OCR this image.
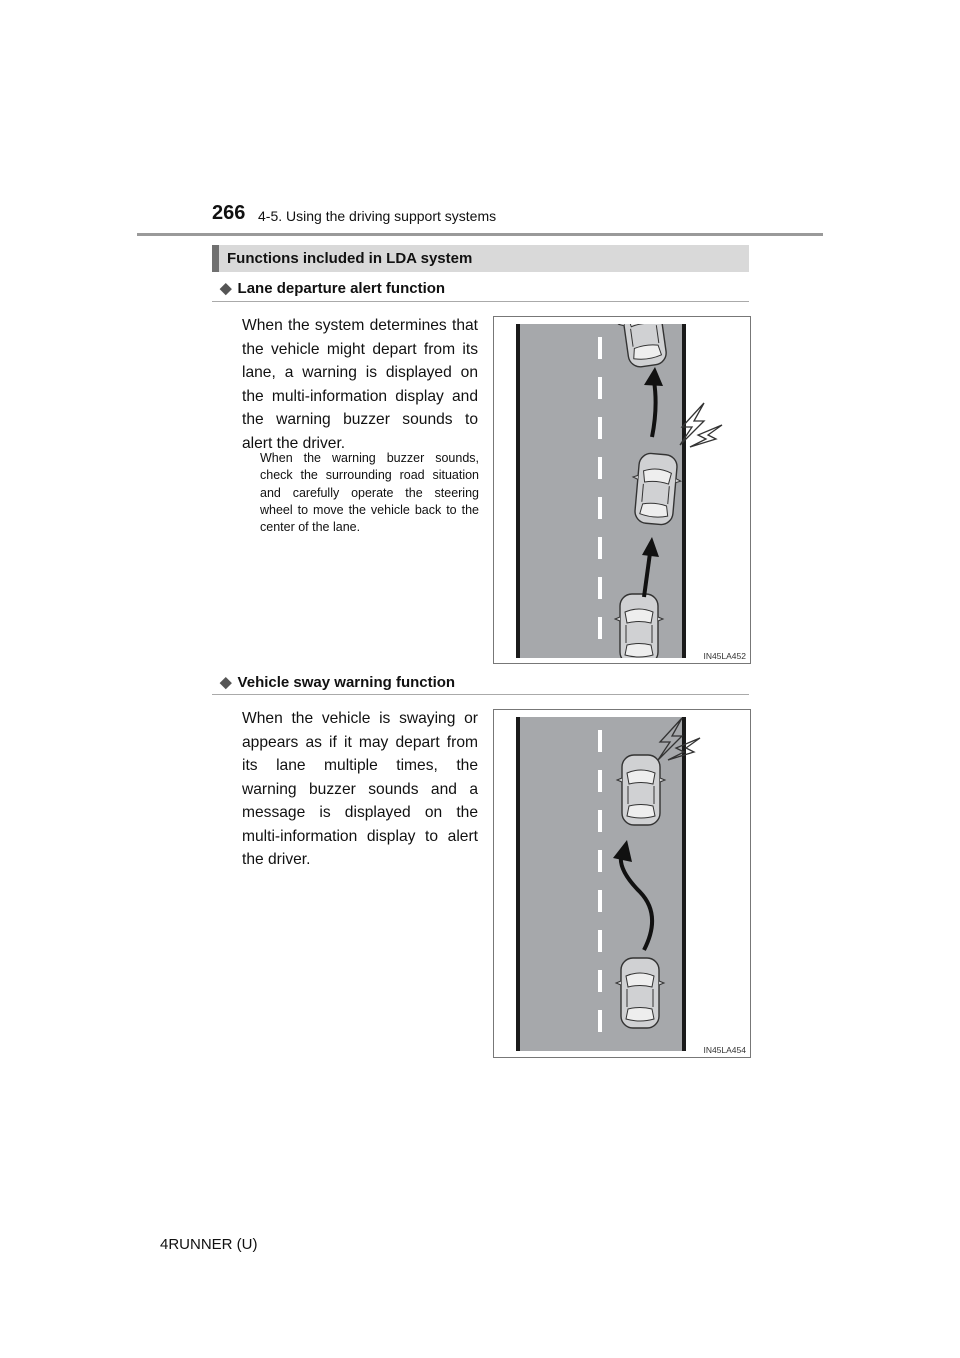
266 4-5. Using the driving support systems
Functions included in LDA system
◆ Lane departure alert function
When the system determines that the vehicle might depart from its lane, a warning is displayed on the multi-information display and the warning buzzer sounds to alert the driver.
When the warning buzzer sounds, check the surrounding road situation and carefully operate the steering wheel to move the vehicle back to the center of the lane.
IN45LA452
◆ Vehicle sway warning function
When the vehicle is swaying or appears as if it may depart from its lane multiple times, the warning buzzer sounds and a message is displayed on the multi-information display to alert the driver.
IN45LA454
4RUNNER (U)
